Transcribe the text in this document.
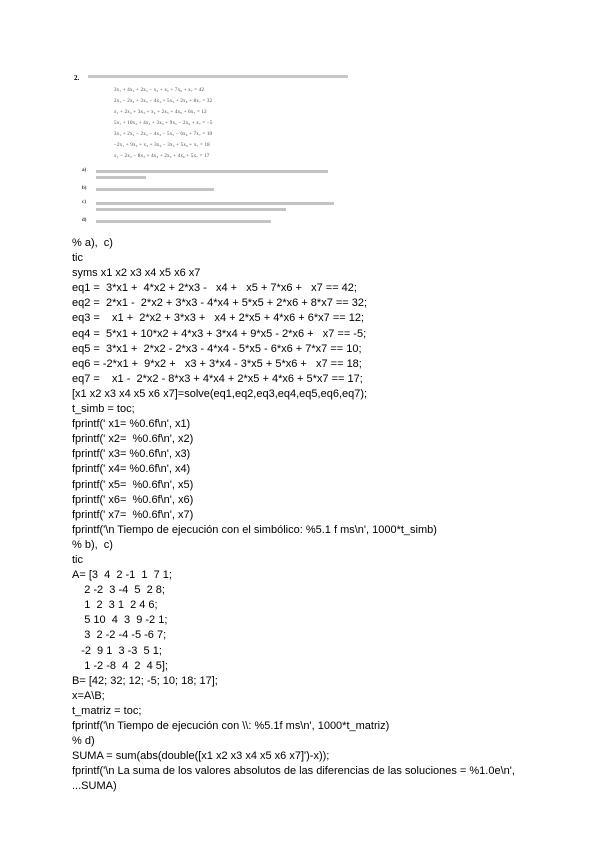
2.
3x₁ + 4x₂ + 2x₃ − x₄ + x₅ + 7x₆ + x₇ = 42
2x₁ − 2x₂ + 3x₃ − 4x₄ + 5x₅ + 2x₆ + 8x₇ = 32
x₁ + 2x₂ + 3x₃ + x₄ + 2x₅ + 4x₆ + 6x₇ = 12
5x₁ + 10x₂ + 4x₃ + 3x₄ + 9x₅ − 2x₆ + x₇ = −5
3x₁ + 2x₂ − 2x₃ − 4x₄ − 5x₅ − 6x₆ + 7x₇ = 10
−2x₁ + 9x₂ + x₃ + 3x₄ − 3x₅ + 5x₆ + x₇ = 18
x₁ − 2x₂ − 8x₃ + 4x₄ + 2x₅ + 4x₆ + 5x₇ = 17
a)
b)
c)
d)
% a),  c)
tic
syms x1 x2 x3 x4 x5 x6 x7
eq1 =  3*x1 +  4*x2 + 2*x3 -   x4 +   x5 + 7*x6 +   x7 == 42;
eq2 =  2*x1 -  2*x2 + 3*x3 - 4*x4 + 5*x5 + 2*x6 + 8*x7 == 32;
eq3 =    x1 +  2*x2 + 3*x3 +   x4 + 2*x5 + 4*x6 + 6*x7 == 12;
eq4 =  5*x1 + 10*x2 + 4*x3 + 3*x4 + 9*x5 - 2*x6 +   x7 == -5;
eq5 =  3*x1 +  2*x2 - 2*x3 - 4*x4 - 5*x5 - 6*x6 + 7*x7 == 10;
eq6 = -2*x1 +  9*x2 +   x3 + 3*x4 - 3*x5 + 5*x6 +   x7 == 18;
eq7 =    x1 -  2*x2 - 8*x3 + 4*x4 + 2*x5 + 4*x6 + 5*x7 == 17;
[x1 x2 x3 x4 x5 x6 x7]=solve(eq1,eq2,eq3,eq4,eq5,eq6,eq7);
t_simb = toc;
fprintf(' x1= %0.6f\n', x1)
fprintf(' x2=  %0.6f\n', x2)
fprintf(' x3= %0.6f\n', x3)
fprintf(' x4= %0.6f\n', x4)
fprintf(' x5=  %0.6f\n', x5)
fprintf(' x6=  %0.6f\n', x6)
fprintf(' x7=  %0.6f\n', x7)
fprintf('\n Tiempo de ejecución con el simbólico: %5.1 f ms\n', 1000*t_simb)
% b),  c)
tic
A= [3  4  2 -1  1  7 1;
2 -2  3 -4  5  2 8;
1  2  3 1  2 4 6;
5 10  4  3  9 -2 1;
3  2 -2 -4 -5 -6 7;
-2  9 1  3 -3  5 1;
1 -2 -8  4  2  4 5];
B= [42; 32; 12; -5; 10; 18; 17];
x=A\B;
t_matriz = toc;
fprintf('\n Tiempo de ejecución con \\: %5.1f ms\n', 1000*t_matriz)
% d)
SUMA = sum(abs(double([x1 x2 x3 x4 x5 x6 x7]')-x));
fprintf('\n La suma de los valores absolutos de las diferencias de las soluciones = %1.0e\n',
...SUMA)
